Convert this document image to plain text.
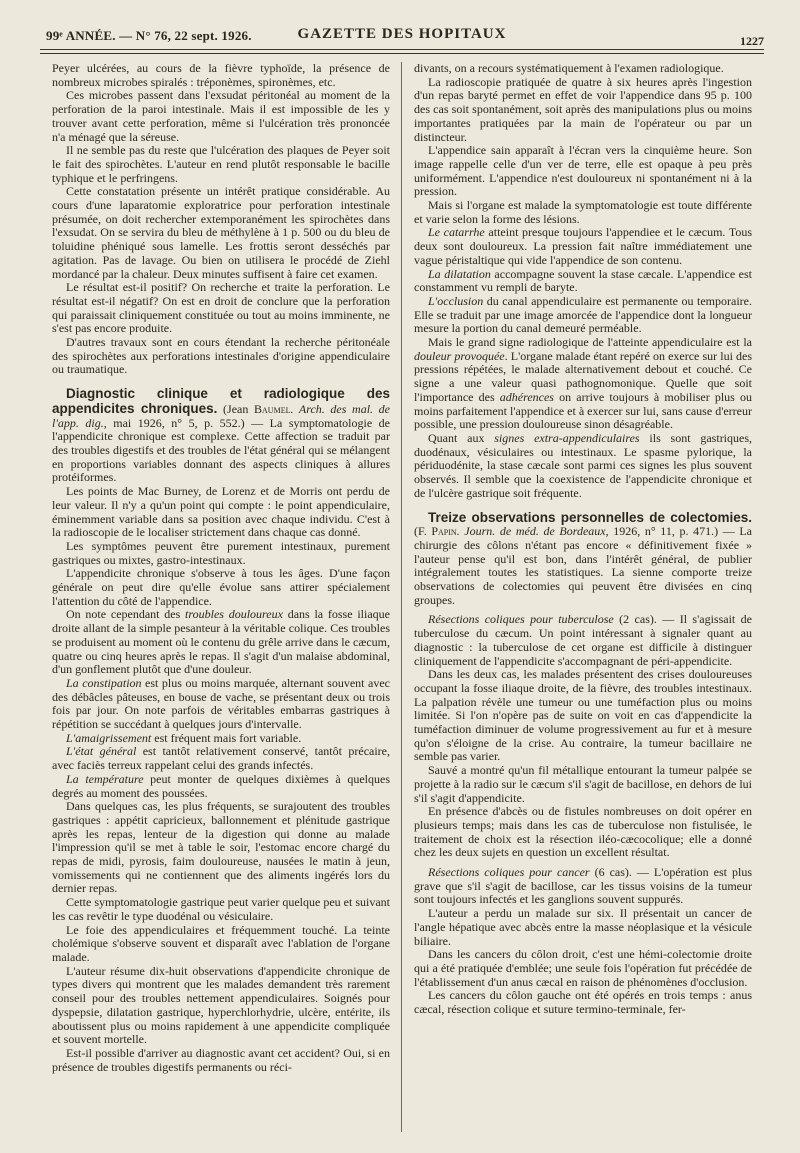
99ᵉ ANNÉE. — N° 76, 22 sept. 1926.	GAZETTE DES HOPITAUX	1227

Peyer ulcérées, au cours de la fièvre typhoïde, la présence de nombreux microbes spiralés : tréponèmes, spironèmes, etc.

Ces microbes passent dans l'exsudat péritonéal au moment de la perforation de la paroi intestinale. Mais il est impossible de les y trouver avant cette perforation, même si l'ulcération très prononcée n'a ménagé que la séreuse.

Il ne semble pas du reste que l'ulcération des plaques de Peyer soit le fait des spirochètes. L'auteur en rend plutôt responsable le bacille typhique et le perfringens.

Cette constatation présente un intérêt pratique considérable. Au cours d'une laparatomie exploratrice pour perforation intestinale présumée, on doit rechercher extemporanément les spirochètes dans l'exsudat. On se servira du bleu de méthylène à 1 p. 500 ou du bleu de toluidine phéniqué sous lamelle. Les frottis seront desséchés par agitation. Pas de lavage. Ou bien on utilisera le procédé de Ziehl mordancé par la chaleur. Deux minutes suffisent à faire cet examen.

Le résultat est-il positif? On recherche et traite la perforation. Le résultat est-il négatif? On est en droit de conclure que la perforation qui paraissait cliniquement constituée ou tout au moins imminente, ne s'est pas encore produite.

D'autres travaux sont en cours étendant la recherche péritonéale des spirochètes aux perforations intestinales d'origine appendiculaire ou traumatique.

Diagnostic clinique et radiologique des appendicites chroniques. (Jean Baumel. Arch. des mal. de l'app. dig., mai 1926, n° 5, p. 552.) — La symptomatologie de l'appendicite chronique est complexe. Cette affection se traduit par des troubles digestifs et des troubles de l'état général qui se mélangent en proportions variables donnant des aspects cliniques à allures protéiformes.

Les points de Mac Burney, de Lorenz et de Morris ont perdu de leur valeur. Il n'y a qu'un point qui compte : le point appendiculaire, éminemment variable dans sa position avec chaque individu. C'est à la radioscopie de le localiser strictement dans chaque cas donné.

Les symptômes peuvent être purement intestinaux, purement gastriques ou mixtes, gastro-intestinaux.

L'appendicite chronique s'observe à tous les âges. D'une façon générale on peut dire qu'elle évolue sans attirer spécialement l'attention du côté de l'appendice.

On note cependant des troubles douloureux dans la fosse iliaque droite allant de la simple pesanteur à la véritable colique. Ces troubles se produisent au moment où le contenu du grêle arrive dans le cæcum, quatre ou cinq heures après le repas. Il s'agit d'un malaise abdominal, d'un gonflement plutôt que d'une douleur.

La constipation est plus ou moins marquée, alternant souvent avec des débâcles pâteuses, en bouse de vache, se présentant deux ou trois fois par jour. On note parfois de véritables embarras gastriques à répétition se succédant à quelques jours d'intervalle.

L'amaigrissement est fréquent mais fort variable.

L'état général est tantôt relativement conservé, tantôt précaire, avec faciès terreux rappelant celui des grands infectés.

La température peut monter de quelques dixièmes à quelques degrés au moment des poussées.

Dans quelques cas, les plus fréquents, se surajoutent des troubles gastriques : appétit capricieux, ballonnement et plénitude gastrique après les repas, lenteur de la digestion qui donne au malade l'impression qu'il se met à table le soir, l'estomac encore chargé du repas de midi, pyrosis, faim douloureuse, nausées le matin à jeun, vomissements qui ne contiennent que des aliments ingérés lors du dernier repas.

Cette symptomatologie gastrique peut varier quelque peu et suivant les cas revêtir le type duodénal ou vésiculaire.

Le foie des appendiculaires et fréquemment touché. La teinte cholémique s'observe souvent et disparaît avec l'ablation de l'organe malade.

L'auteur résume dix-huit observations d'appendicite chronique de types divers qui montrent que les malades demandent très rarement conseil pour des troubles nettement appendiculaires. Soignés pour dyspepsie, dilatation gastrique, hyperchlorhydrie, ulcère, entérite, ils aboutissent plus ou moins rapidement à une appendicite compliquée et souvent mortelle.

Est-il possible d'arriver au diagnostic avant cet accident? Oui, si en présence de troubles digestifs permanents ou réci-

divants, on a recours systématiquement à l'examen radiologique.

La radioscopie pratiquée de quatre à six heures après l'ingestion d'un repas baryté permet en effet de voir l'appendice dans 95 p. 100 des cas soit spontanément, soit après des manipulations plus ou moins importantes pratiquées par la main de l'opérateur ou par un distincteur.

L'appendice sain apparaît à l'écran vers la cinquième heure. Son image rappelle celle d'un ver de terre, elle est opaque à peu près uniformément. L'appendice n'est douloureux ni spontanément ni à la pression.

Mais si l'organe est malade la symptomatologie est toute différente et varie selon la forme des lésions.

Le catarrhe atteint presque toujours l'appendiee et le cæcum. Tous deux sont douloureux. La pression fait naître immédiatement une vague péristaltique qui vide l'appendice de son contenu.

La dilatation accompagne souvent la stase cæcale. L'appendice est constamment vu rempli de baryte.

L'occlusion du canal appendiculaire est permanente ou temporaire. Elle se traduit par une image amorcée de l'appendice dont la longueur mesure la portion du canal demeuré perméable.

Mais le grand signe radiologique de l'atteinte appendiculaire est la douleur provoquée. L'organe malade étant repéré on exerce sur lui des pressions répétées, le malade alternativement debout et couché. Ce signe a une valeur quasi pathognomonique. Quelle que soit l'importance des adhérences on arrive toujours à mobiliser plus ou moins parfaitement l'appendice et à exercer sur lui, sans cause d'erreur possible, une pression douloureuse sinon désagréable.

Quant aux signes extra-appendiculaires ils sont gastriques, duodénaux, vésiculaires ou intestinaux. Le spasme pylorique, la périduodénite, la stase cæcale sont parmi ces signes les plus souvent observés. Il semble que la coexistence de l'appendicite chronique et de l'ulcère gastrique soit fréquente.

Treize observations personnelles de colectomies. (F. Papin. Journ. de méd. de Bordeaux, 1926, n° 11, p. 471.) — La chirurgie des côlons n'étant pas encore « définitivement fixée » l'auteur pense qu'il est bon, dans l'intérêt général, de publier intégralement toutes les statistiques. La sienne comporte treize observations de colectomies qui peuvent être divisées en cinq groupes.

Résections coliques pour tuberculose (2 cas). — Il s'agissait de tuberculose du cæcum. Un point intéressant à signaler quant au diagnostic : la tuberculose de cet organe est difficile à distinguer cliniquement de l'appendicite s'accompagnant de péri-appendicite.

Dans les deux cas, les malades présentent des crises douloureuses occupant la fosse iliaque droite, de la fièvre, des troubles intestinaux. La palpation révèle une tumeur ou une tuméfaction plus ou moins limitée. Si l'on n'opère pas de suite on voit en cas d'appendicite la tuméfaction diminuer de volume progressivement au fur et à mesure qu'on s'éloigne de la crise. Au contraire, la tumeur bacillaire ne semble pas varier.

Sauvé a montré qu'un fil métallique entourant la tumeur palpée se projette à la radio sur le cæcum s'il s'agit de bacillose, en dehors de lui s'il s'agit d'appendicite.

En présence d'abcès ou de fistules nombreuses on doit opérer en plusieurs temps; mais dans les cas de tuberculose non fistulisée, le traitement de choix est la résection iléo-cæcocolique; elle a donné chez les deux sujets en question un excellent résultat.

Résections coliques pour cancer (6 cas). — L'opération est plus grave que s'il s'agit de bacillose, car les tissus voisins de la tumeur sont toujours infectés et les ganglions souvent suppurés.

L'auteur a perdu un malade sur six. Il présentait un cancer de l'angle hépatique avec abcès entre la masse néoplasique et la vésicule biliaire.

Dans les cancers du côlon droit, c'est une hémi-colectomie droite qui a été pratiquée d'emblée; une seule fois l'opération fut précédée de l'établissement d'un anus cæcal en raison de phénomènes d'occlusion.

Les cancers du côlon gauche ont été opérés en trois temps : anus cæcal, résection colique et suture termino-terminale, fer-
